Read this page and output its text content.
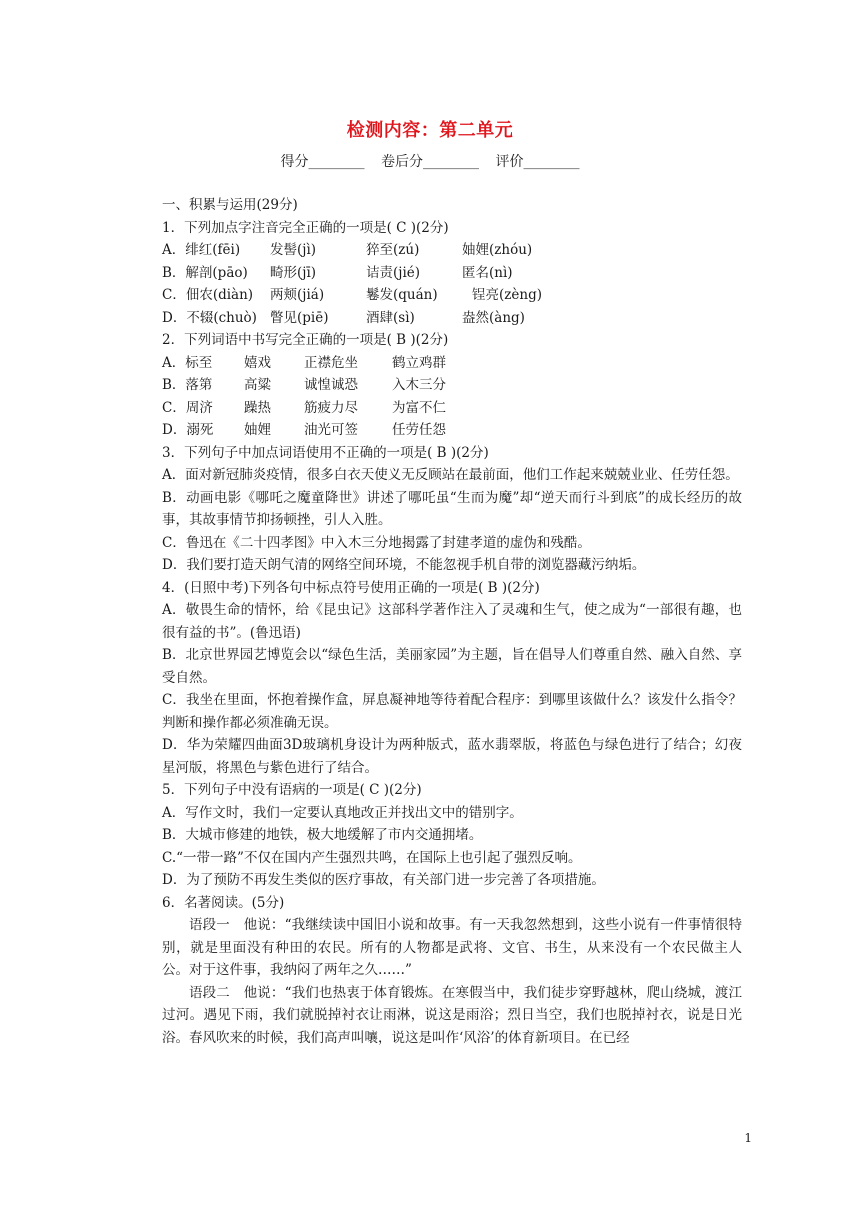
检测内容：第二单元
得分________ 卷后分________ 评价________
一、积累与运用(29分)
1．下列加点字注音完全正确的一项是( C )(2分)
A．绯红(fēi) 发髻(jì)	猝至(zú)	妯娌(zhóu)
B．解剖(pāo) 畸形(jī)	诘责(jié)	匿名(nì)
C．佃农(diàn) 两颊(jiá)	鬈发(quán)	锃亮(zèng)
D．不辍(chuò) 瞥见(piē)	酒肆(sì)	盎然(àng)
2．下列词语中书写完全正确的一项是( B )(2分)
A．标至 嬉戏 正襟危坐	鹤立鸡群
B．落第 高粱 诚惶诚恐	入木三分
C．周济 躁热 筋疲力尽	为富不仁
D．溺死 妯娌 油光可签	任劳任怨
3．下列句子中加点词语使用不正确的一项是( B )(2分)
A．面对新冠肺炎疫情，很多白衣天使义无反顾站在最前面，他们工作起来兢兢业业、任劳任怨。
B．动画电影《哪吒之魔童降世》讲述了哪吒虽“生而为魔”却“逆天而行斗到底”的成长经历的故事，其故事情节抑扬顿挫，引人入胜。
C．鲁迅在《二十四孝图》中入木三分地揭露了封建孝道的虚伪和残酷。
D．我们要打造天朗气清的网络空间环境，不能忽视手机自带的浏览器藏污纳垢。
4．(日照中考)下列各句中标点符号使用正确的一项是( B )(2分)
A．敬畏生命的情怀，给《昆虫记》这部科学著作注入了灵魂和生气，使之成为“一部很有趣，也很有益的书”。(鲁迅语)
B．北京世界园艺博览会以“绿色生活，美丽家园”为主题，旨在倡导人们尊重自然、融入自然、享受自然。
C．我坐在里面，怀抱着操作盒，屏息凝神地等待着配合程序：到哪里该做什么？该发什么指令？判断和操作都必须准确无误。
D．华为荣耀四曲面3D玻璃机身设计为两种版式，蓝水翡翠版，将蓝色与绿色进行了结合；幻夜星河版，将黑色与紫色进行了结合。
5．下列句子中没有语病的一项是( C )(2分)
A．写作文时，我们一定要认真地改正并找出文中的错别字。
B．大城市修建的地铁，极大地缓解了市内交通拥堵。
C.“一带一路”不仅在国内产生强烈共鸣，在国际上也引起了强烈反响。
D．为了预防不再发生类似的医疗事故，有关部门进一步完善了各项措施。
6．名著阅读。(5分)
语段一　他说：“我继续读中国旧小说和故事。有一天我忽然想到，这些小说有一件事情很特别，就是里面没有种田的农民。所有的人物都是武将、文官、书生，从来没有一个农民做主人公。对于这件事，我纳闷了两年之久……”
语段二　他说：“我们也热衷于体育锻炼。在寒假当中，我们徒步穿野越林，爬山绕城，渡江过河。遇见下雨，我们就脱掉衬衣让雨淋，说这是雨浴；烈日当空，我们也脱掉衬衣，说是日光浴。春风吹来的时候，我们高声叫嚷，说这是叫作‘风浴’的体育新项目。在已经
1
